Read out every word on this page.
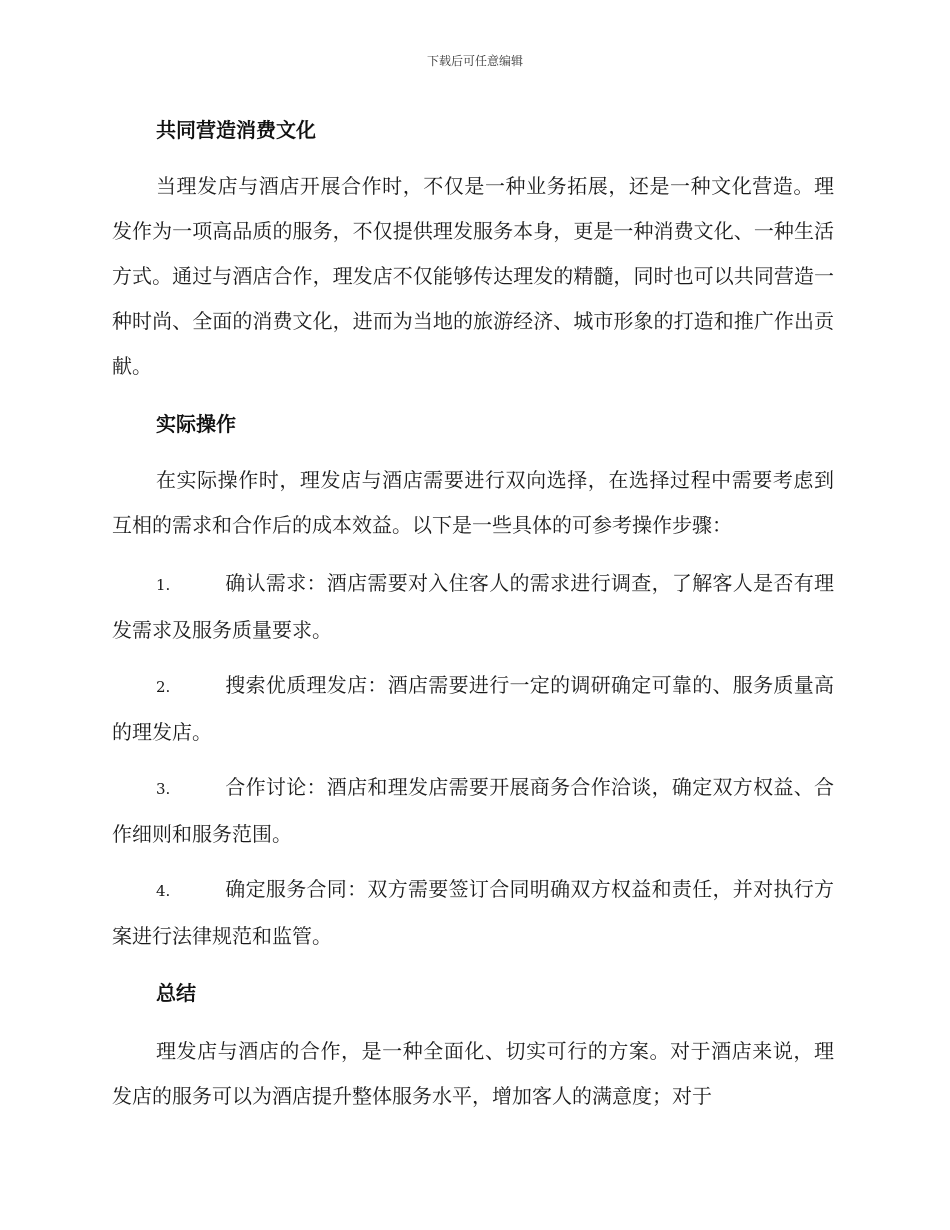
下载后可任意编辑
共同营造消费文化
当理发店与酒店开展合作时，不仅是一种业务拓展，还是一种文化营造。理发作为一项高品质的服务，不仅提供理发服务本身，更是一种消费文化、一种生活方式。通过与酒店合作，理发店不仅能够传达理发的精髓，同时也可以共同营造一种时尚、全面的消费文化，进而为当地的旅游经济、城市形象的打造和推广作出贡献。
实际操作
在实际操作时，理发店与酒店需要进行双向选择，在选择过程中需要考虑到互相的需求和合作后的成本效益。以下是一些具体的可参考操作步骤：
1.	确认需求：酒店需要对入住客人的需求进行调查，了解客人是否有理发需求及服务质量要求。
2.	搜索优质理发店：酒店需要进行一定的调研确定可靠的、服务质量高的理发店。
3.	合作讨论：酒店和理发店需要开展商务合作洽谈，确定双方权益、合作细则和服务范围。
4.	确定服务合同：双方需要签订合同明确双方权益和责任，并对执行方案进行法律规范和监管。
总结
理发店与酒店的合作，是一种全面化、切实可行的方案。对于酒店来说，理发店的服务可以为酒店提升整体服务水平，增加客人的满意度；对于
